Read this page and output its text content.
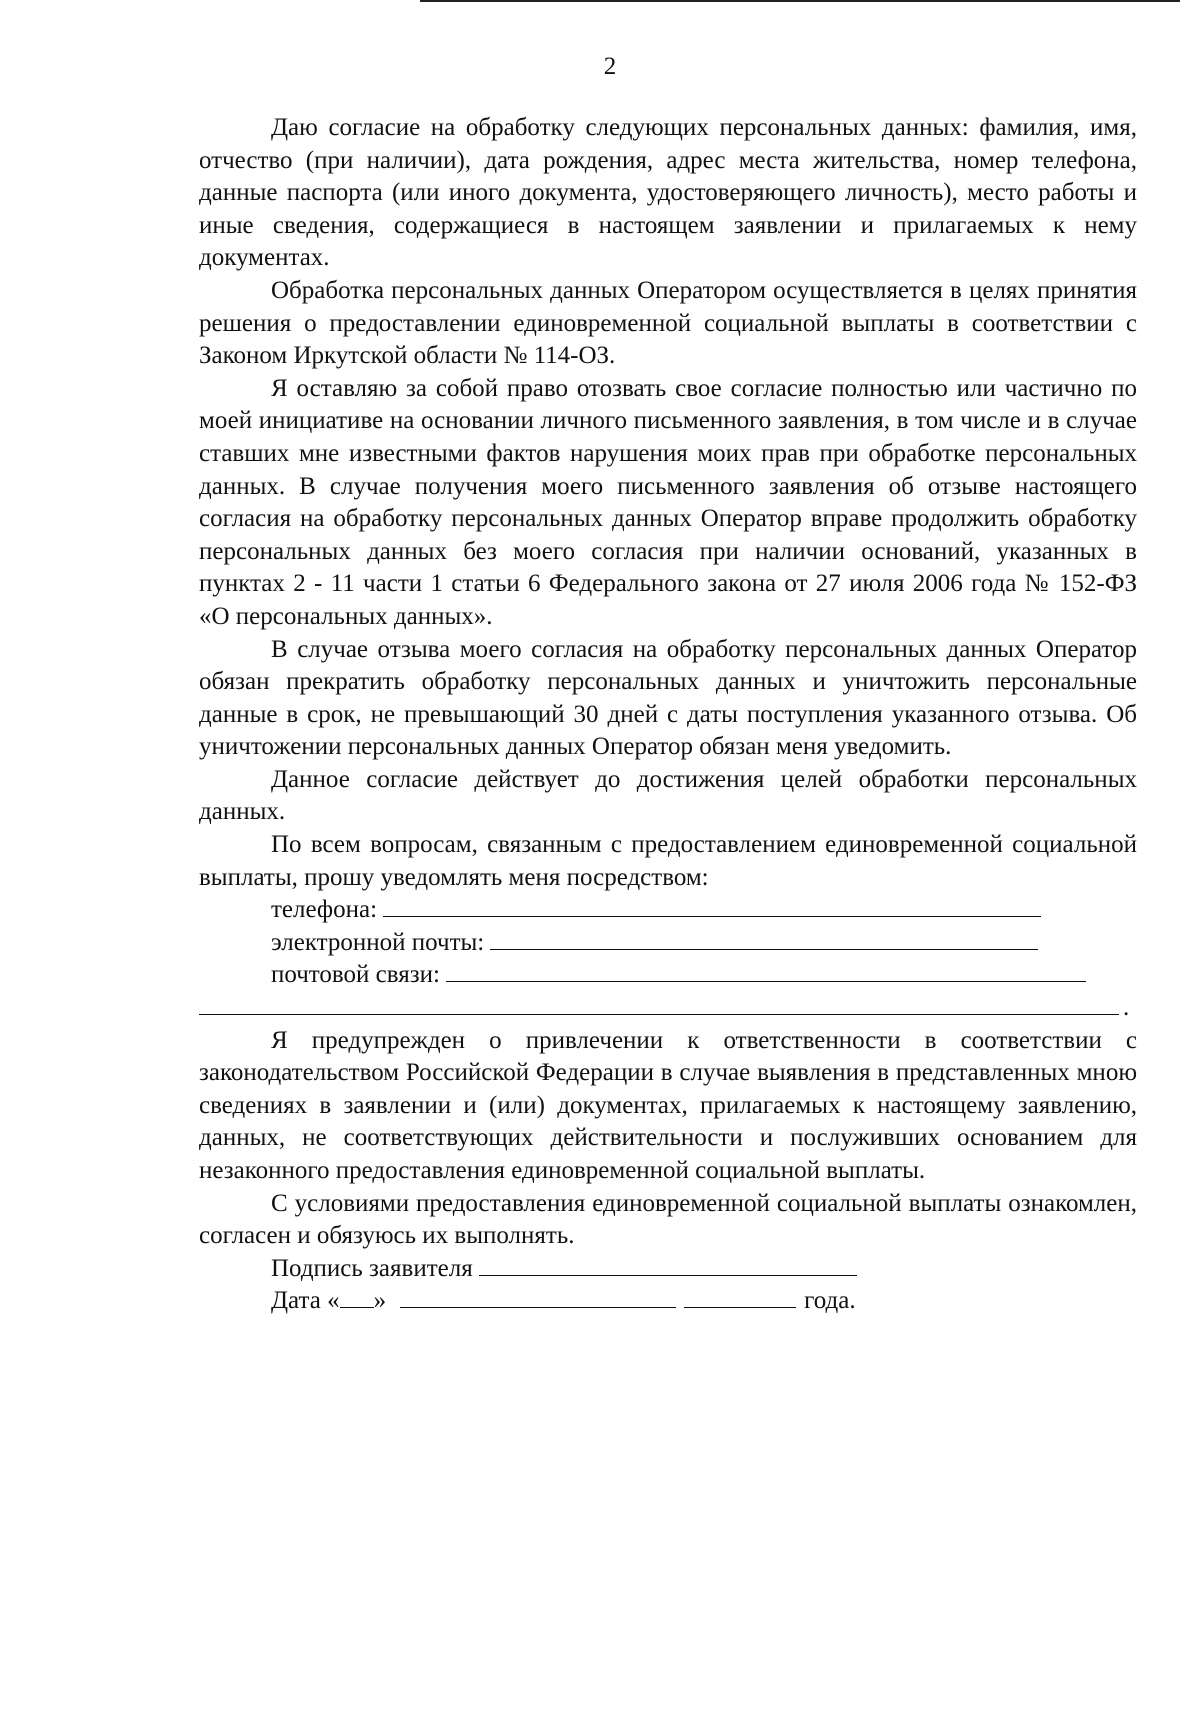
2

Даю согласие на обработку следующих персональных данных: фамилия, имя, отчество (при наличии), дата рождения, адрес места жительства, номер телефона, данные паспорта (или иного документа, удостоверяющего личность), место работы и иные сведения, содержащиеся в настоящем заявлении и прилагаемых к нему документах.

Обработка персональных данных Оператором осуществляется в целях принятия решения о предоставлении единовременной социальной выплаты в соответствии с Законом Иркутской области № 114-ОЗ.

Я оставляю за собой право отозвать свое согласие полностью или частично по моей инициативе на основании личного письменного заявления, в том числе и в случае ставших мне известными фактов нарушения моих прав при обработке персональных данных. В случае получения моего письменного заявления об отзыве настоящего согласия на обработку персональных данных Оператор вправе продолжить обработку персональных данных без моего согласия при наличии оснований, указанных в пунктах 2 - 11 части 1 статьи 6 Федерального закона от 27 июля 2006 года № 152-ФЗ «О персональных данных».

В случае отзыва моего согласия на обработку персональных данных Оператор обязан прекратить обработку персональных данных и уничтожить персональные данные в срок, не превышающий 30 дней с даты поступления указанного отзыва. Об уничтожении персональных данных Оператор обязан меня уведомить.

Данное согласие действует до достижения целей обработки персональных данных.

По всем вопросам, связанным с предоставлением единовременной социальной выплаты, прошу уведомлять меня посредством:

телефона:
электронной почты:
почтовой связи:
.

Я предупрежден о привлечении к ответственности в соответствии с законодательством Российской Федерации в случае выявления в представленных мною сведениях в заявлении и (или) документах, прилагаемых к настоящему заявлению, данных, не соответствующих действительности и послуживших основанием для незаконного предоставления единовременной социальной выплаты.

С условиями предоставления единовременной социальной выплаты ознакомлен, согласен и обязуюсь их выполнять.

Подпись заявителя
Дата « »	года.
